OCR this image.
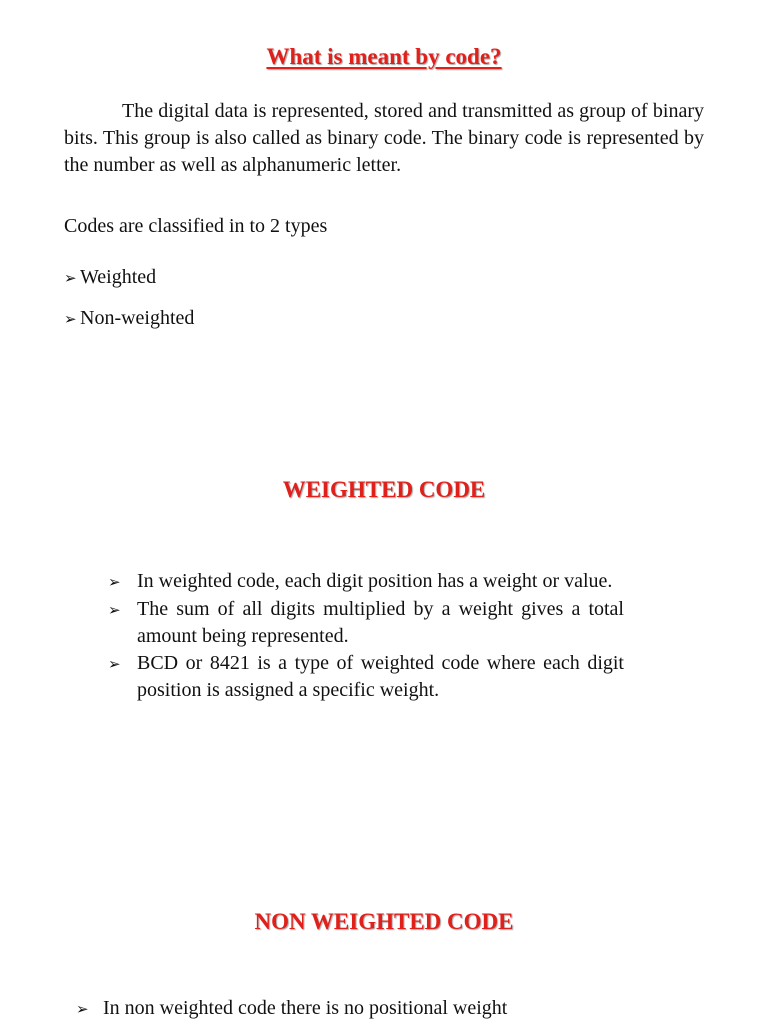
What is meant by code?

The digital data is represented, stored and transmitted as group of binary bits. This group is also called as binary code. The binary code is represented by the number as well as alphanumeric letter.

Codes are classified in to 2 types

➢ Weighted
➢ Non-weighted
WEIGHTED CODE
➢ In weighted code, each digit position has a weight or value.
➢ The sum of all digits multiplied by a weight gives a total amount being represented.
➢ BCD or 8421 is a type of weighted code where each digit position is assigned a specific weight.
NON WEIGHTED CODE
➢ In non weighted code there is no positional weight
